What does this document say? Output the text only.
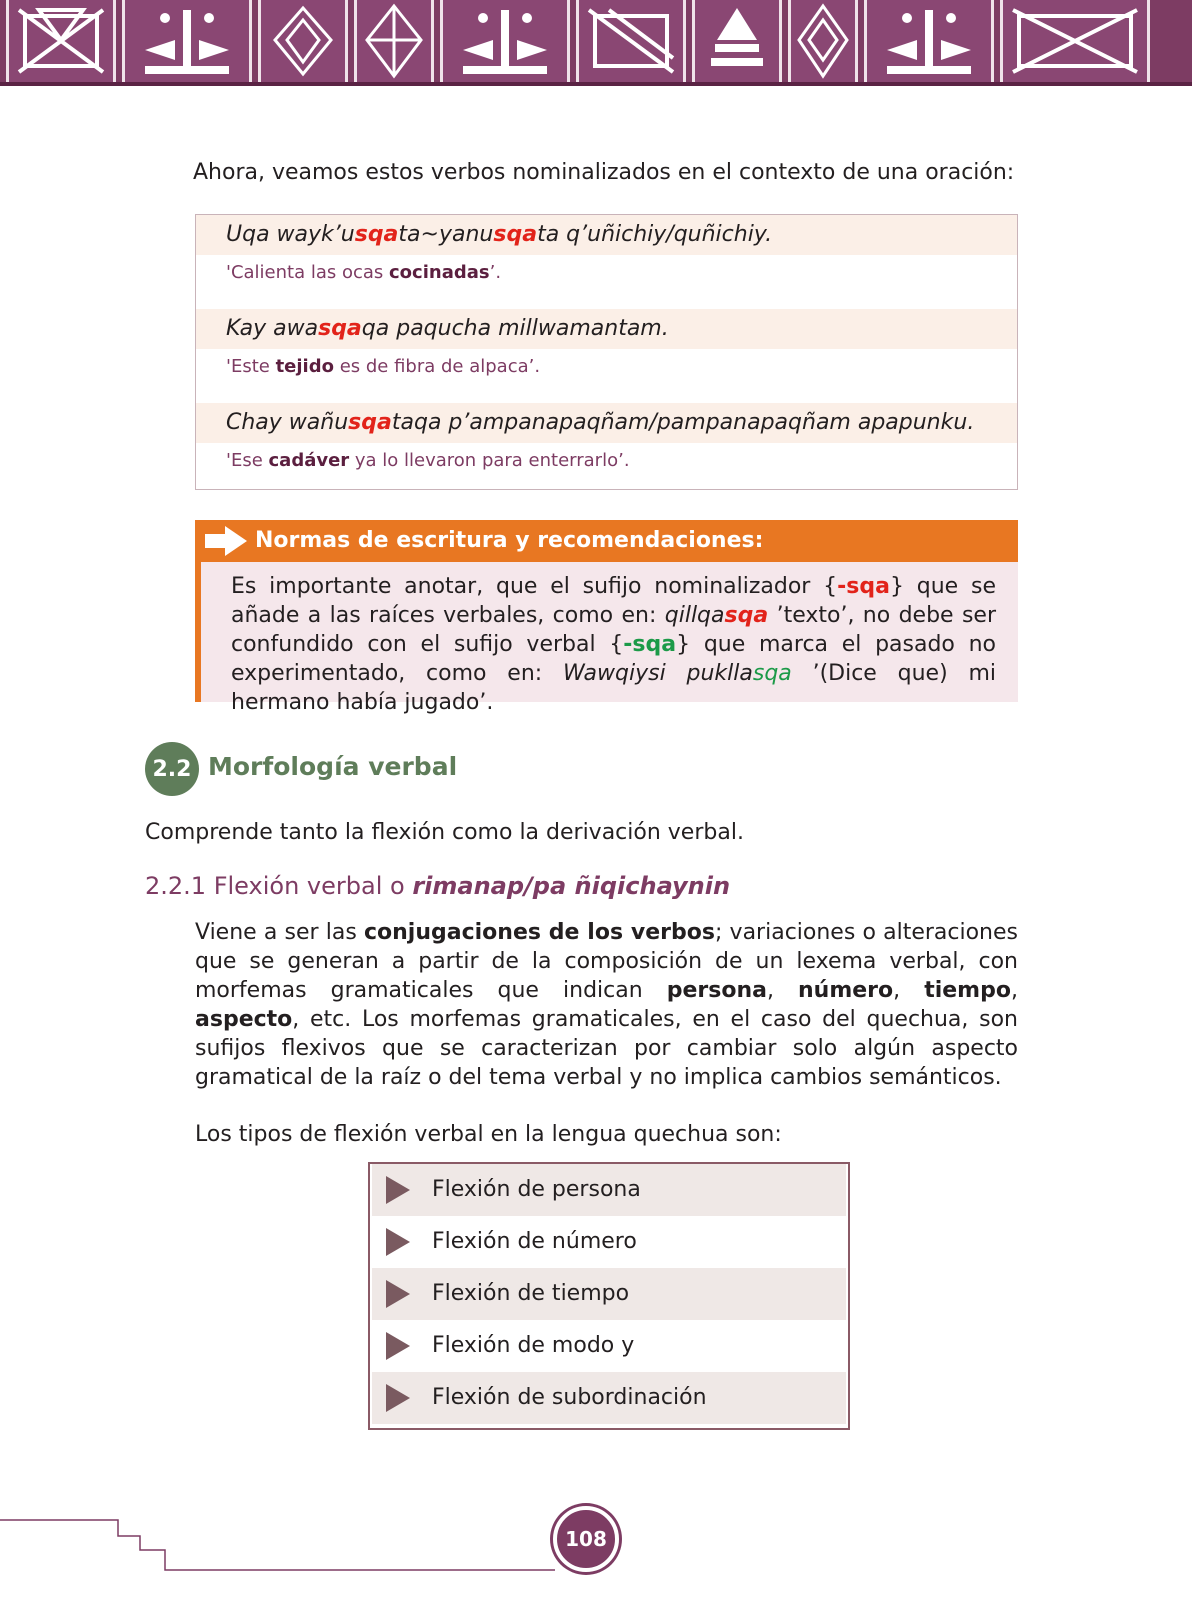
Ahora, veamos estos verbos nominalizados en el contexto de una oración:
Uqa wayk’usqata~yanusqata q’uñichiy/quñichiy.
'Calienta las ocas cocinadas’.
Kay awasqaqa paqucha millwamantam.
'Este tejido es de fibra de alpaca’.
Chay wañusqataqa p’ampanapaqñam/pampanapaqñam apapunku.
'Ese cadáver ya lo llevaron para enterrarlo’.
Normas de escritura y recomendaciones:
Es importante anotar, que el sufijo nominalizador {-sqa} que se añade a las raíces verbales, como en: qillqasqa ’texto’, no debe ser confundido con el sufijo verbal {-sqa} que marca el pasado no experimentado, como en: Wawqiysi pukllasqa ’(Dice que) mi hermano había jugado’.
2.2 Morfología verbal
Comprende tanto la flexión como la derivación verbal.
2.2.1 Flexión verbal o rimanap/pa ñiqichaynin
Viene a ser las conjugaciones de los verbos; variaciones o alteraciones que se generan a partir de la composición de un lexema verbal, con morfemas gramaticales que indican persona, número, tiempo, aspecto, etc. Los morfemas gramaticales, en el caso del quechua, son sufijos flexivos que se caracterizan por cambiar solo algún aspecto gramatical de la raíz o del tema verbal y no implica cambios semánticos.
Los tipos de flexión verbal en la lengua quechua son:
Flexión de persona
Flexión de número
Flexión de tiempo
Flexión de modo y
Flexión de subordinación
108
